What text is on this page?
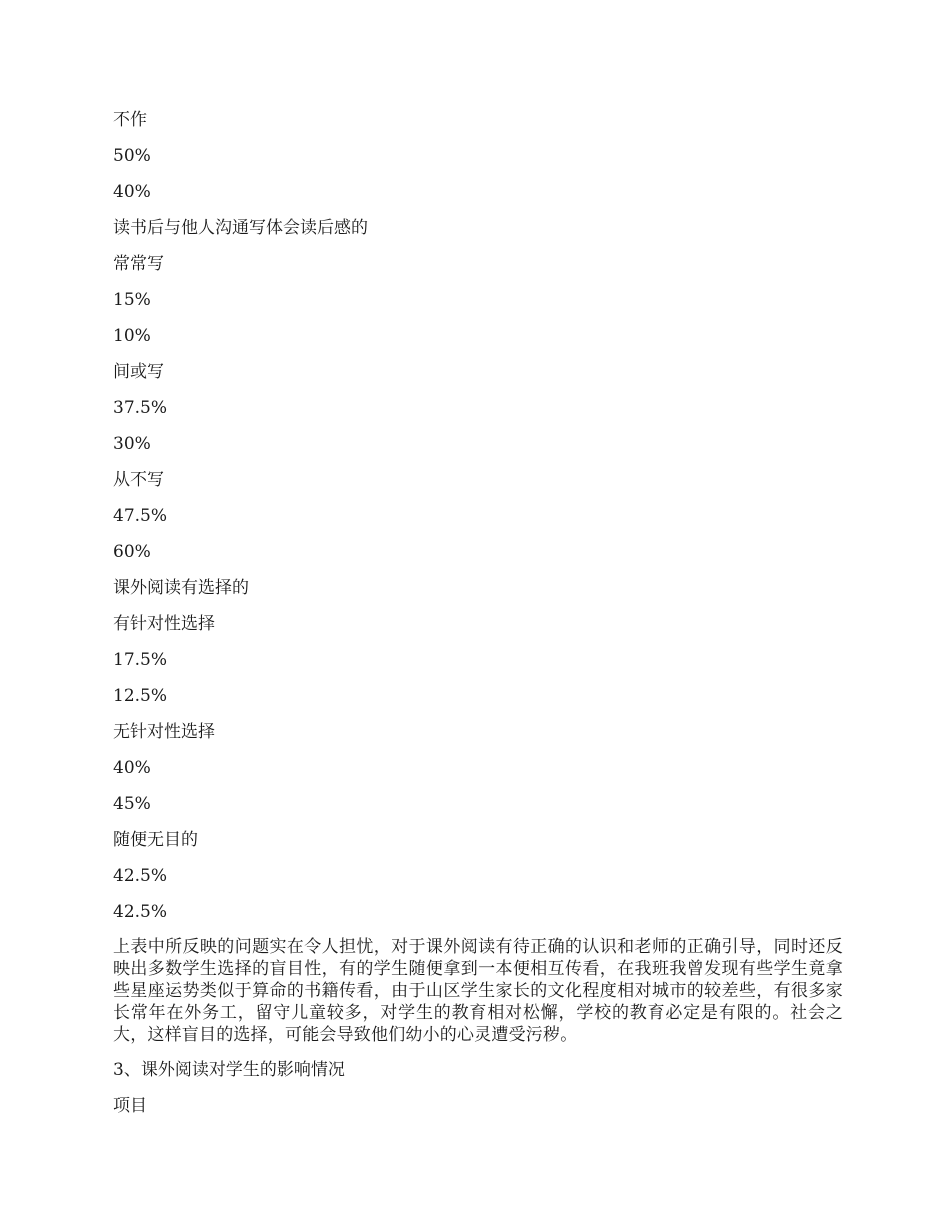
不作
50%
40%
读书后与他人沟通写体会读后感的
常常写
15%
10%
间或写
37.5%
30%
从不写
47.5%
60%
课外阅读有选择的
有针对性选择
17.5%
12.5%
无针对性选择
40%
45%
随便无目的
42.5%
42.5%

上表中所反映的问题实在令人担忧，对于课外阅读有待正确的认识和老师的正确引导，同时还反映出多数学生选择的盲目性，有的学生随便拿到一本便相互传看，在我班我曾发现有些学生竟拿些星座运势类似于算命的书籍传看，由于山区学生家长的文化程度相对城市的较差些，有很多家长常年在外务工，留守儿童较多，对学生的教育相对松懈，学校的教育必定是有限的。社会之大，这样盲目的选择，可能会导致他们幼小的心灵遭受污秽。

3、课外阅读对学生的影响情况
项目
